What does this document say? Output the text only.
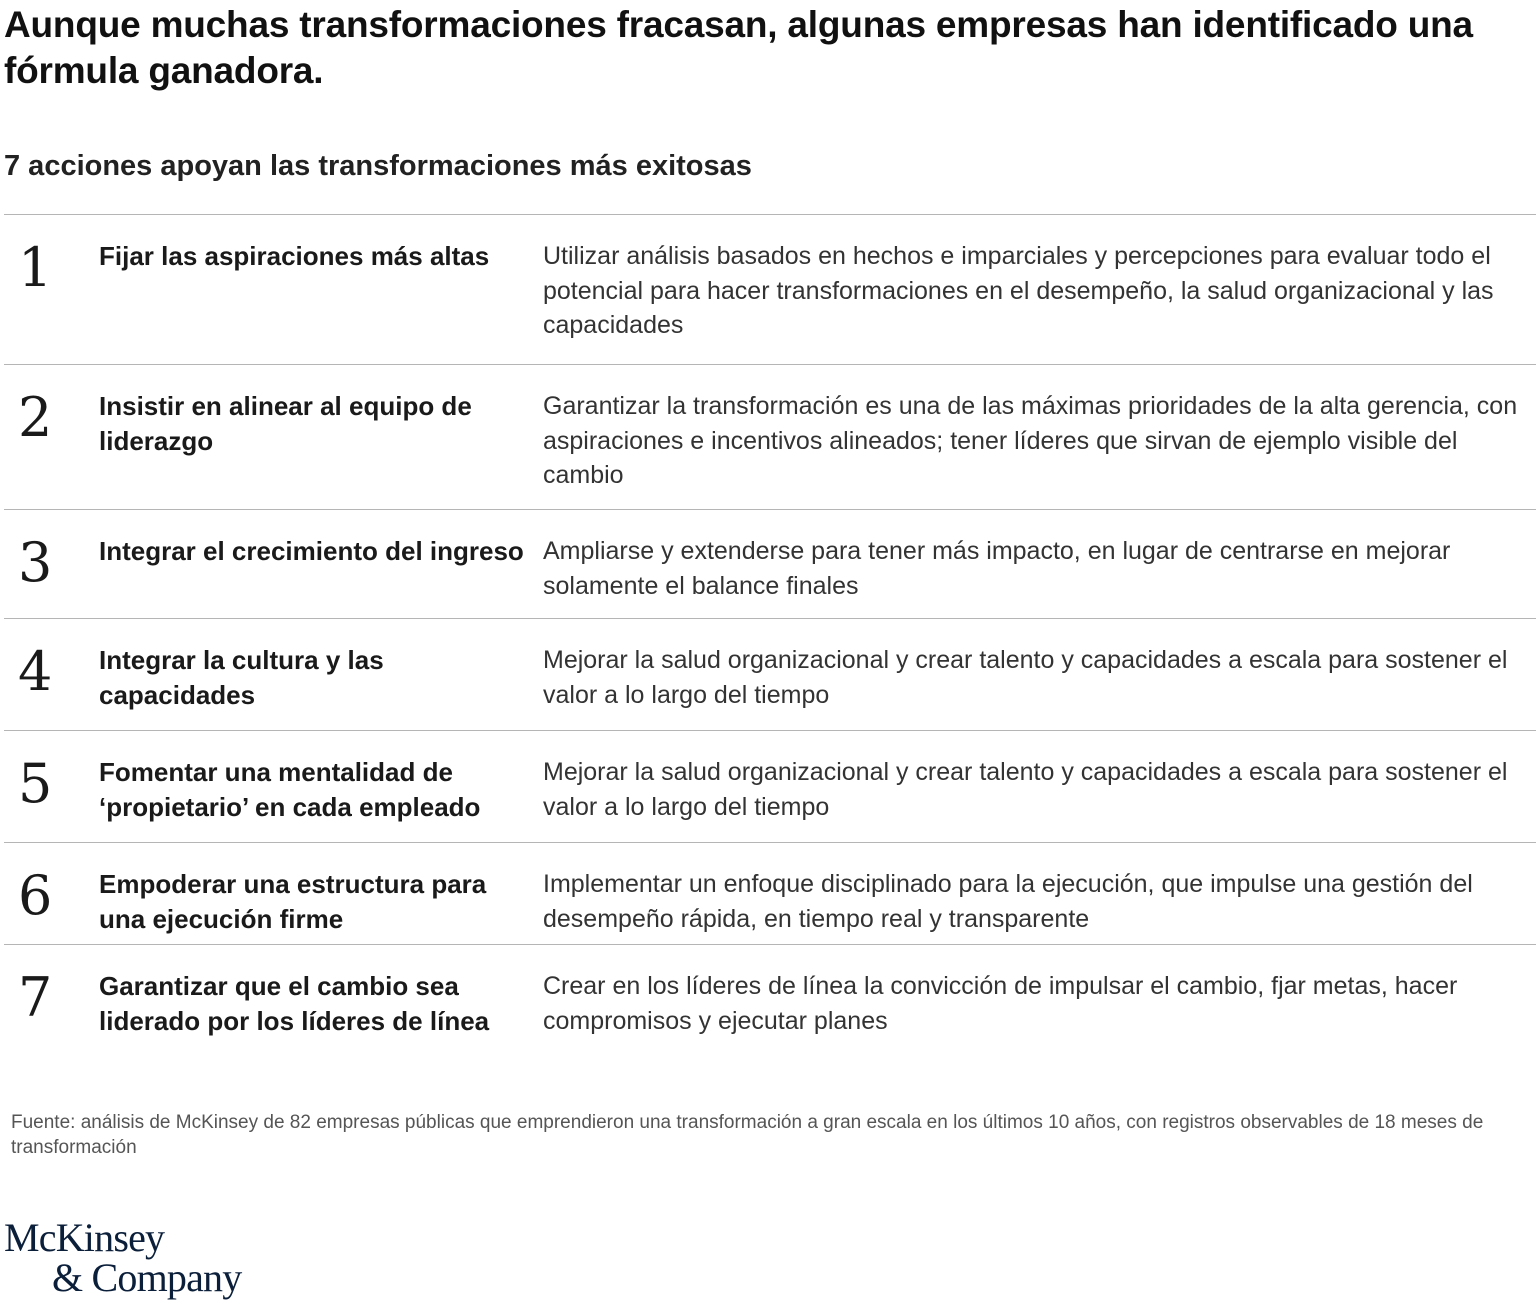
Aunque muchas transformaciones fracasan, algunas empresas han identificado una fórmula ganadora.
7 acciones apoyan las transformaciones más exitosas
1 Fijar las aspiraciones más altas	Utilizar análisis basados en hechos e imparciales y percepciones para evaluar todo el potencial para hacer transformaciones en el desempeño, la salud organizacional y las capacidades
2 Insistir en alinear al equipo de liderazgo
Garantizar la transformación es una de las máximas prioridades de la alta gerencia, con aspiraciones e incentivos alineados; tener líderes que sirvan de ejemplo visible del cambio
3 Integrar el crecimiento del ingreso Ampliarse y extenderse para tener más impacto, en lugar de centrarse en mejorar solamente el balance finales
4 Integrar la cultura y las capacidades
Mejorar la salud organizacional y crear talento y capacidades a escala para sostener el valor a lo largo del tiempo
5 Fomentar una mentalidad de ‘propietario’ en cada empleado
Mejorar la salud organizacional y crear talento y capacidades a escala para sostener el valor a lo largo del tiempo
6 Empoderar una estructura para una ejecución firme
Implementar un enfoque disciplinado para la ejecución, que impulse una gestión del desempeño rápida, en tiempo real y transparente
7 Garantizar que el cambio sea liderado por los líderes de línea
Crear en los líderes de línea la convicción de impulsar el cambio, fjar metas, hacer compromisos y ejecutar planes

Fuente: análisis de McKinsey de 82 empresas públicas que emprendieron una transformación a gran escala en los últimos 10 años, con registros observables de 18 meses de transformación

McKinsey
& Company
